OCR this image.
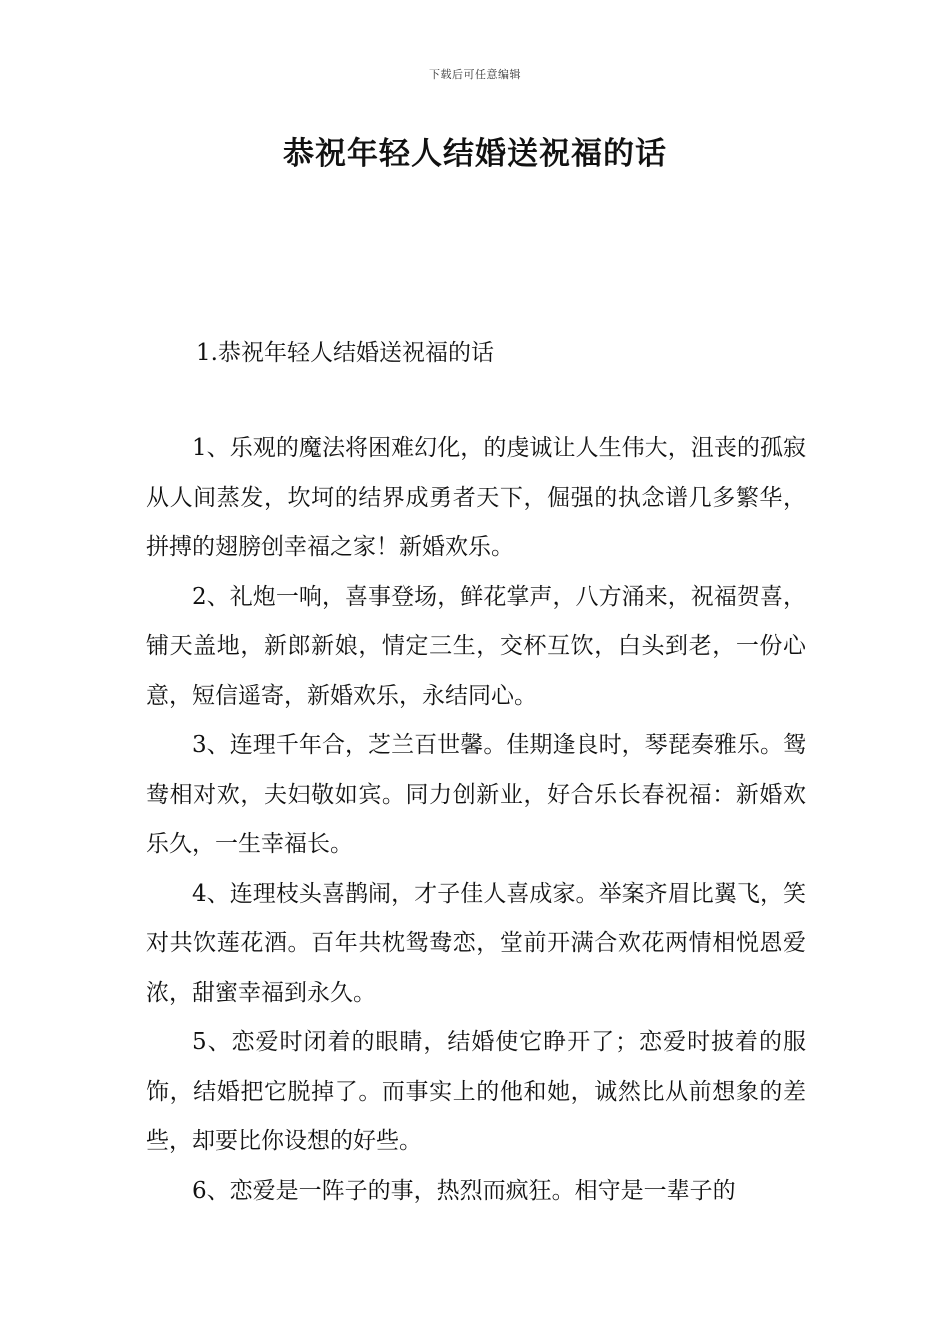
下载后可任意编辑
恭祝年轻人结婚送祝福的话
1.恭祝年轻人结婚送祝福的话

1、乐观的魔法将困难幻化，的虔诚让人生伟大，沮丧的孤寂从人间蒸发，坎坷的结界成勇者天下，倔强的执念谱几多繁华，拼搏的翅膀创幸福之家！新婚欢乐。

2、礼炮一响，喜事登场，鲜花掌声，八方涌来，祝福贺喜，铺天盖地，新郎新娘，情定三生，交杯互饮，白头到老，一份心意，短信遥寄，新婚欢乐，永结同心。

3、连理千年合，芝兰百世馨。佳期逢良时，琴琵奏雅乐。鸳鸯相对欢，夫妇敬如宾。同力创新业，好合乐长春祝福：新婚欢乐久，一生幸福长。

4、连理枝头喜鹊闹，才子佳人喜成家。举案齐眉比翼飞，笑对共饮莲花酒。百年共枕鸳鸯恋，堂前开满合欢花两情相悦恩爱浓，甜蜜幸福到永久。

5、恋爱时闭着的眼睛，结婚使它睁开了；恋爱时披着的服饰，结婚把它脱掉了。而事实上的他和她，诚然比从前想象的差些，却要比你设想的好些。

6、恋爱是一阵子的事，热烈而疯狂。相守是一辈子的
